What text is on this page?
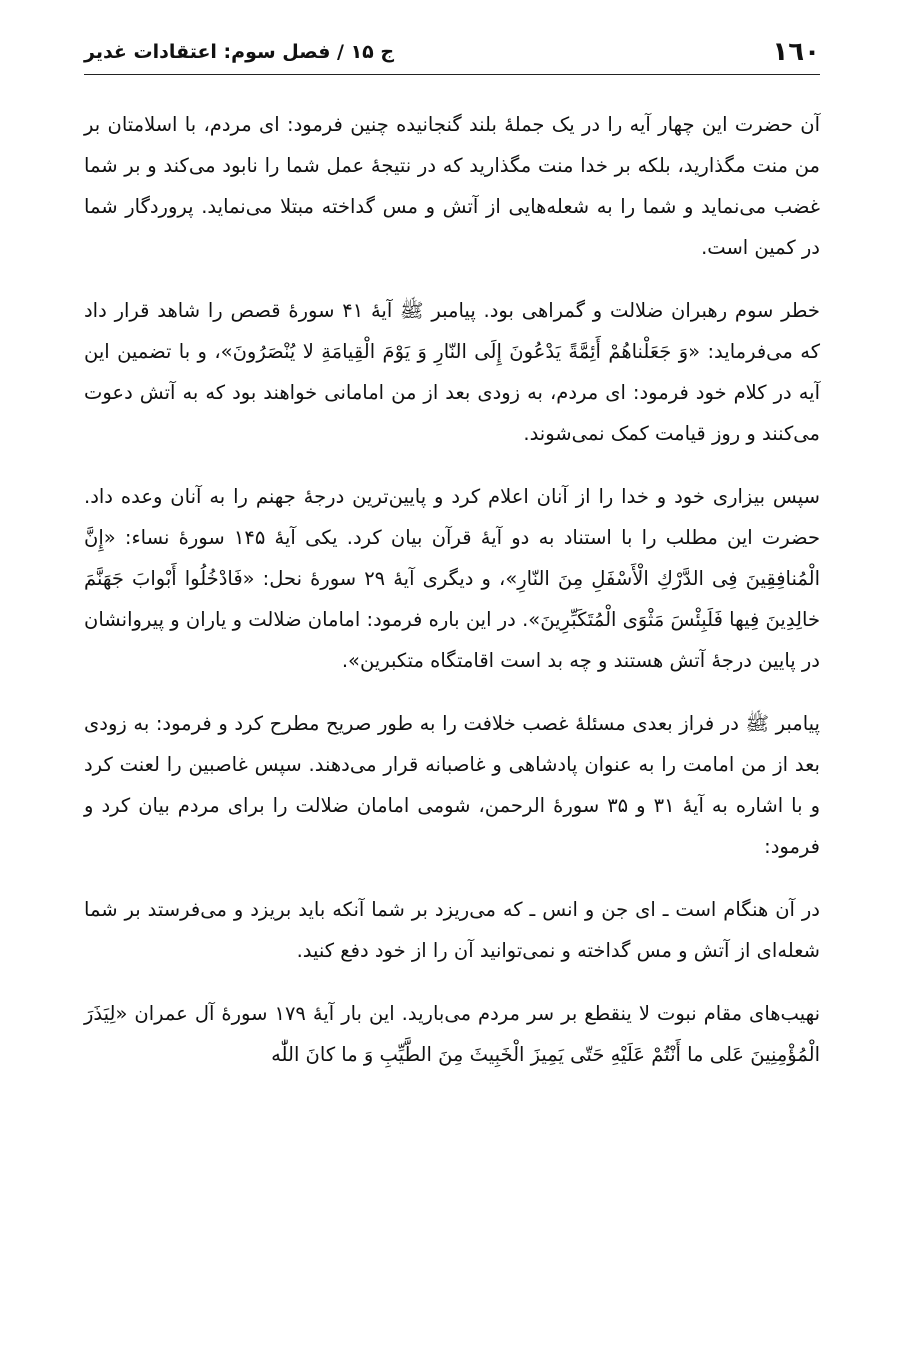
١٦٠
ج ١۵ / فصل سوم: اعتقادات غدير

آن حضرت اين چهار آيه را در يک جملهٔ بلند گنجانيده چنين فرمود: اى مردم، با اسلامتان بر من منت مگذاريد، بلکه بر خدا منت مگذاريد که در نتيجهٔ عمل شما را نابود مى‌کند و بر شما غضب مى‌نمايد و شما را به شعله‌هايى از آتش و مس گداخته مبتلا مى‌نمايد. پروردگار شما در کمين است.

خطر سوم رهبران ضلالت و گمراهى بود. پيامبر ﷺ آيهٔ ۴۱ سورهٔ قصص را شاهد قرار داد که مى‌فرمايد: «وَ جَعَلْناهُمْ أَئِمَّةً يَدْعُونَ إِلَى النّارِ وَ يَوْمَ الْقِيامَةِ لا يُنْصَرُونَ»، و با تضمين اين آيه در کلام خود فرمود: اى مردم، به زودى بعد از من امامانى خواهند بود که به آتش دعوت مى‌کنند و روز قيامت کمک نمى‌شوند.

سپس بيزارى خود و خدا را از آنان اعلام کرد و پايين‌ترين درجهٔ جهنم را به آنان وعده داد. حضرت اين مطلب را با استناد به دو آيهٔ قرآن بيان کرد. يکى آيهٔ ١۴۵ سورهٔ نساء: «إِنَّ الْمُنافِقِينَ فِى الدَّرْكِ الْأَسْفَلِ مِنَ النّارِ»، و ديگرى آيهٔ ٢٩ سورهٔ نحل: «فَادْخُلُوا أَبْوابَ جَهَنَّمَ خالِدِينَ فِيها فَلَبِئْسَ مَثْوَى الْمُتَكَبِّرِينَ». در اين باره فرمود: امامان ضلالت و ياران و پيروانشان در پايين درجهٔ آتش هستند و چه بد است اقامتگاه متکبرين».

پيامبر ﷺ در فراز بعدى مسئلهٔ غصب خلافت را به طور صريح مطرح کرد و فرمود: به زودى بعد از من امامت را به عنوان پادشاهى و غاصبانه قرار مى‌دهند. سپس غاصبين را لعنت کرد و با اشاره به آيهٔ ٣١ و ٣۵ سورهٔ الرحمن، شومى امامان ضلالت را براى مردم بيان کرد و فرمود:

در آن هنگام است ـ اى جن و انس ـ که مى‌ريزد بر شما آنکه بايد بريزد و مى‌فرستد بر شما شعله‌اى از آتش و مس گداخته و نمى‌توانيد آن را از خود دفع کنيد.

نهيب‌هاى مقام نبوت لا ينقطع بر سر مردم مى‌باريد. اين بار آيهٔ ١٧٩ سورهٔ آل عمران «لِيَذَرَ الْمُؤْمِنِينَ عَلى ما أَنْتُمْ عَلَيْهِ حَتّى يَمِيزَ الْخَبِيثَ مِنَ الطَّيِّبِ وَ ما كانَ اللّٰه
